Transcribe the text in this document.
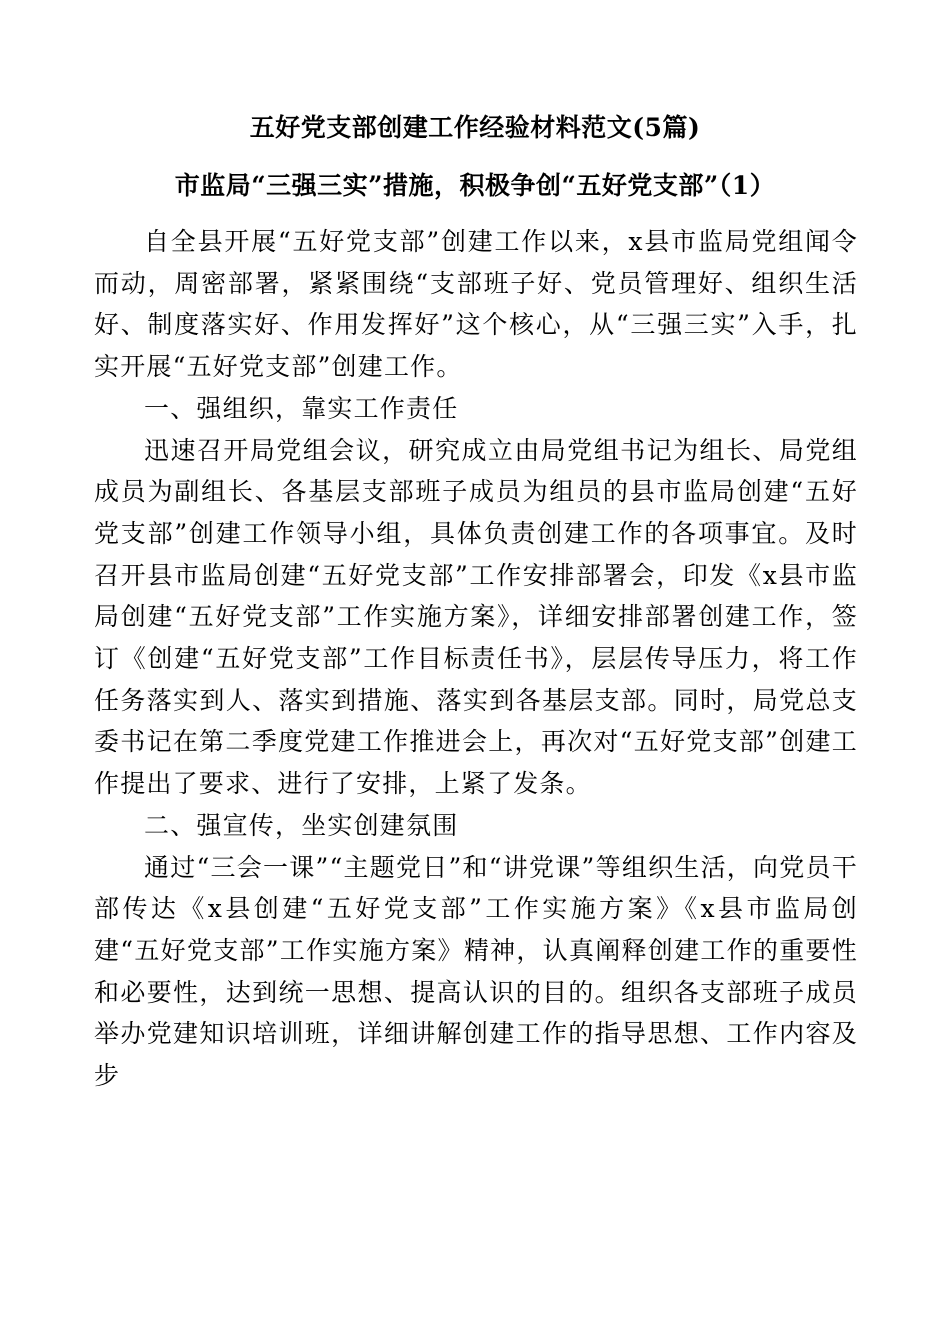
五好党支部创建工作经验材料范文(5篇)
市监局“三强三实”措施，积极争创“五好党支部”（1）

自全县开展“五好党支部”创建工作以来，x县市监局党组闻令而动，周密部署，紧紧围绕“支部班子好、党员管理好、组织生活好、制度落实好、作用发挥好”这个核心，从“三强三实”入手，扎实开展“五好党支部”创建工作。

一、强组织，靠实工作责任

迅速召开局党组会议，研究成立由局党组书记为组长、局党组成员为副组长、各基层支部班子成员为组员的县市监局创建“五好党支部”创建工作领导小组，具体负责创建工作的各项事宜。及时召开县市监局创建“五好党支部”工作安排部署会，印发《x县市监局创建“五好党支部”工作实施方案》，详细安排部署创建工作，签订《创建“五好党支部”工作目标责任书》，层层传导压力，将工作任务落实到人、落实到措施、落实到各基层支部。同时，局党总支委书记在第二季度党建工作推进会上，再次对“五好党支部”创建工作提出了要求、进行了安排，上紧了发条。

二、强宣传，坐实创建氛围

通过“三会一课”“主题党日”和“讲党课”等组织生活，向党员干部传达《x县创建“五好党支部”工作实施方案》《x县市监局创建“五好党支部”工作实施方案》精神，认真阐释创建工作的重要性和必要性，达到统一思想、提高认识的目的。组织各支部班子成员举办党建知识培训班，详细讲解创建工作的指导思想、工作内容及步
